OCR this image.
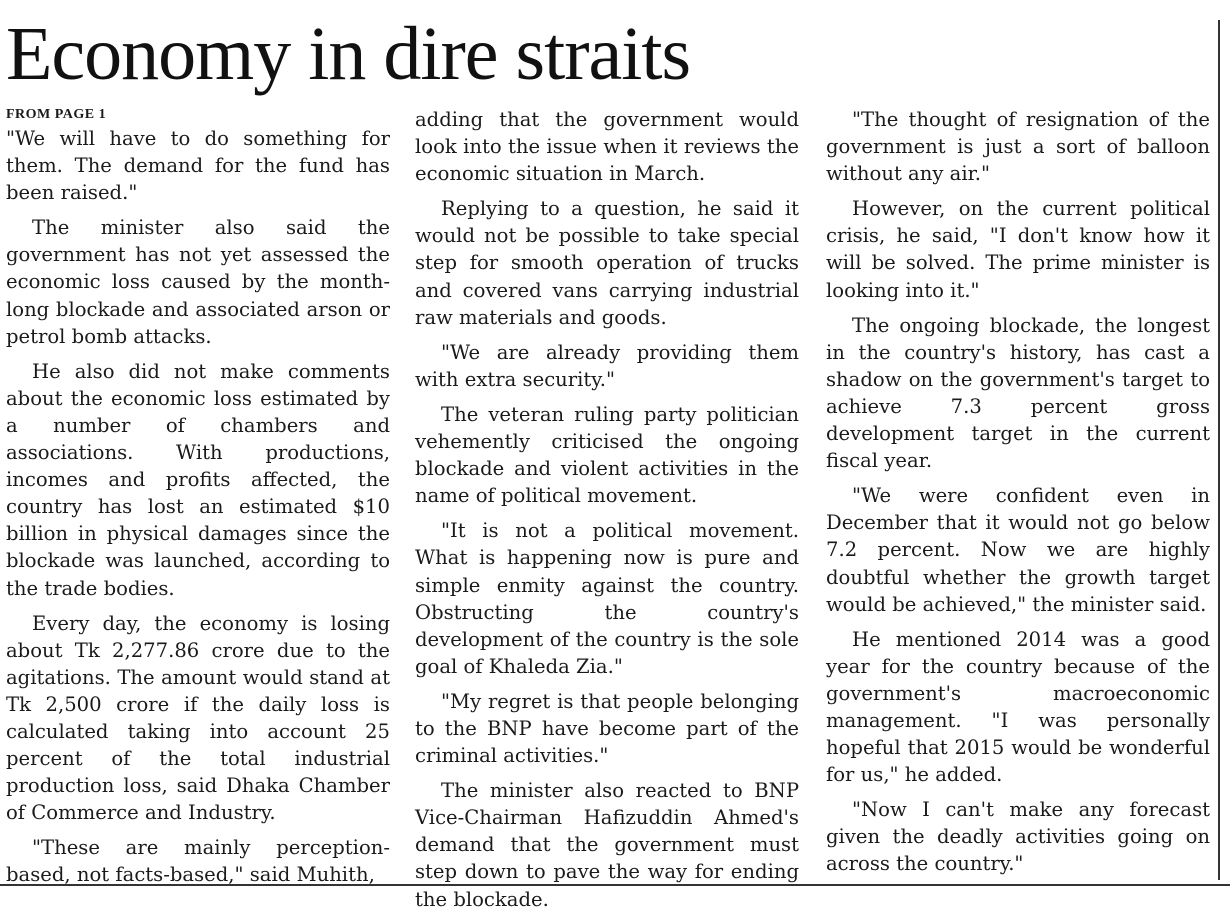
Economy in dire straits
FROM PAGE 1

"We will have to do something for them. The demand for the fund has been raised."

The minister also said the government has not yet assessed the economic loss caused by the month-long blockade and associated arson or petrol bomb attacks.

He also did not make comments about the economic loss estimated by a number of chambers and associations. With productions, incomes and profits affected, the country has lost an estimated $10 billion in physical damages since the blockade was launched, according to the trade bodies.

Every day, the economy is losing about Tk 2,277.86 crore due to the agitations. The amount would stand at Tk 2,500 crore if the daily loss is calculated taking into account 25 percent of the total industrial production loss, said Dhaka Chamber of Commerce and Industry.

"These are mainly perception-based, not facts-based," said Muhith,

adding that the government would look into the issue when it reviews the economic situation in March.

Replying to a question, he said it would not be possible to take special step for smooth operation of trucks and covered vans carrying industrial raw materials and goods.

"We are already providing them with extra security."

The veteran ruling party politician vehemently criticised the ongoing blockade and violent activities in the name of political movement.

"It is not a political movement. What is happening now is pure and simple enmity against the country. Obstructing the country's development of the country is the sole goal of Khaleda Zia."

"My regret is that people belonging to the BNP have become part of the criminal activities."

The minister also reacted to BNP Vice-Chairman Hafizuddin Ahmed's demand that the government must step down to pave the way for ending the blockade.

"The thought of resignation of the government is just a sort of balloon without any air."

However, on the current political crisis, he said, "I don't know how it will be solved. The prime minister is looking into it."

The ongoing blockade, the longest in the country's history, has cast a shadow on the government's target to achieve 7.3 percent gross development target in the current fiscal year.

"We were confident even in December that it would not go below 7.2 percent. Now we are highly doubtful whether the growth target would be achieved," the minister said.

He mentioned 2014 was a good year for the country because of the government's macroeconomic management. "I was personally hopeful that 2015 would be wonderful for us," he added.

"Now I can't make any forecast given the deadly activities going on across the country."
